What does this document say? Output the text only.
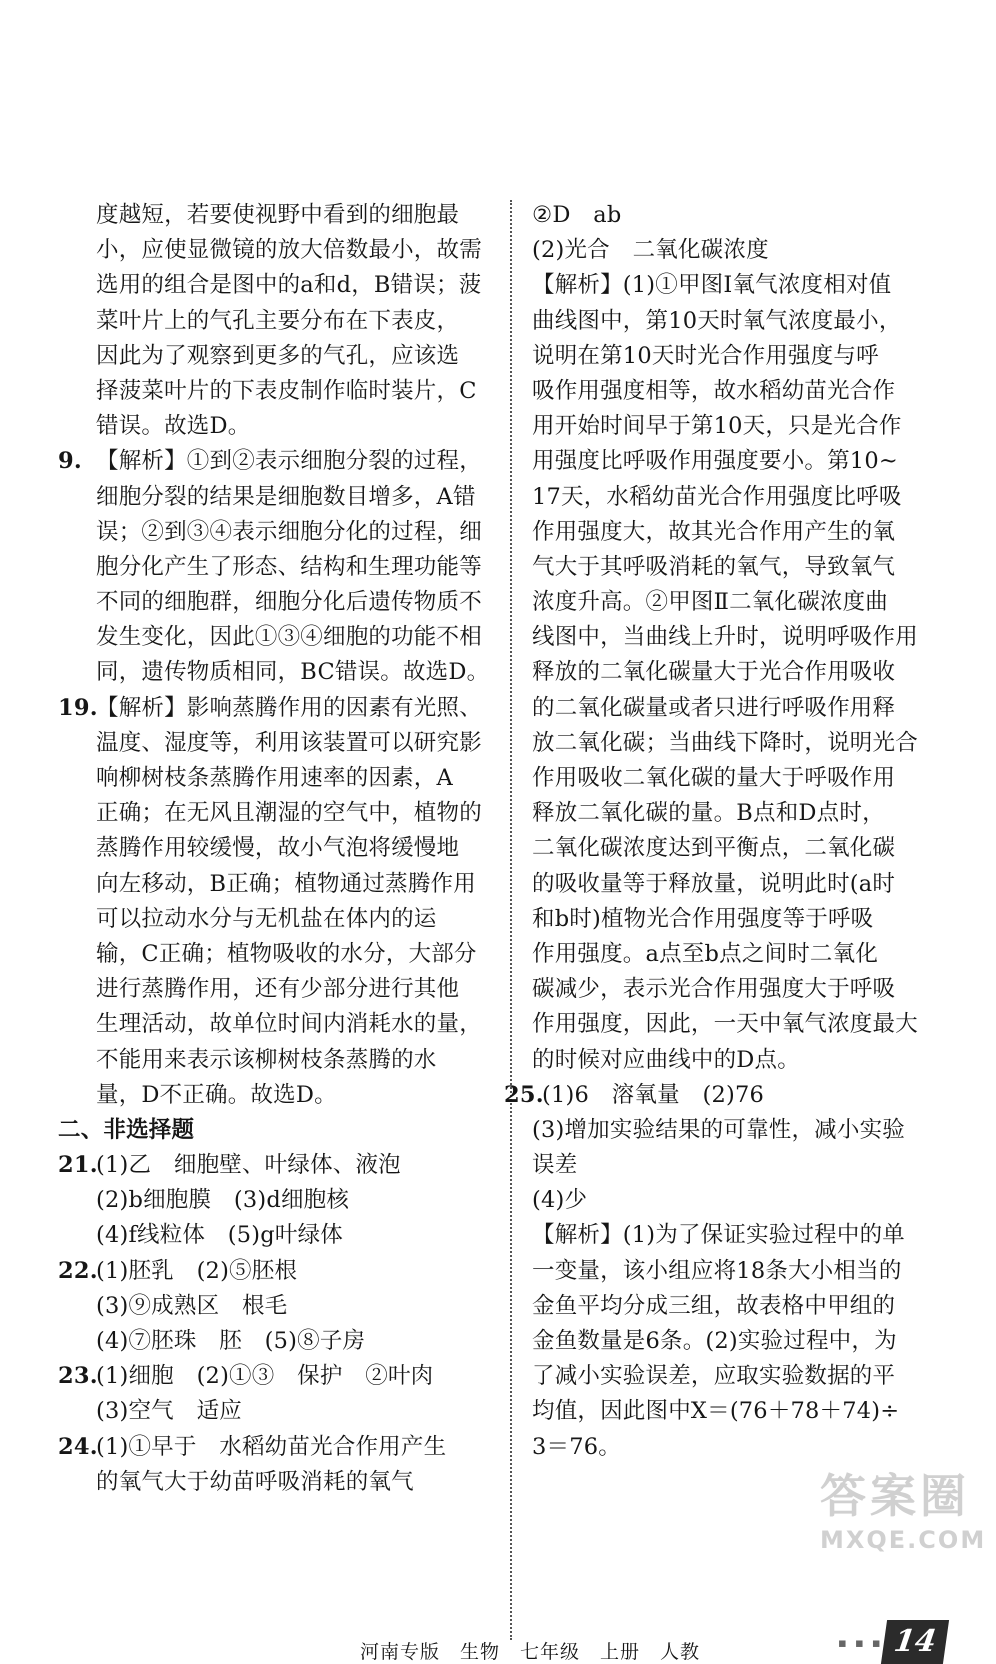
度越短，若要使视野中看到的细胞最
小，应使显微镜的放大倍数最小，故需
选用的组合是图中的a和d，B错误；菠
菜叶片上的气孔主要分布在下表皮，
因此为了观察到更多的气孔，应该选
择菠菜叶片的下表皮制作临时装片，C
错误。故选D。
9. 【解析】①到②表示细胞分裂的过程，
细胞分裂的结果是细胞数目增多，A错
误；②到③④表示细胞分化的过程，细
胞分化产生了形态、结构和生理功能等
不同的细胞群，细胞分化后遗传物质不
发生变化，因此①③④细胞的功能不相
同，遗传物质相同，BC错误。故选D。
19.【解析】影响蒸腾作用的因素有光照、
温度、湿度等，利用该装置可以研究影
响柳树枝条蒸腾作用速率的因素，A
正确；在无风且潮湿的空气中，植物的
蒸腾作用较缓慢，故小气泡将缓慢地
向左移动，B正确；植物通过蒸腾作用
可以拉动水分与无机盐在体内的运
输，C正确；植物吸收的水分，大部分
进行蒸腾作用，还有少部分进行其他
生理活动，故单位时间内消耗水的量，
不能用来表示该柳树枝条蒸腾的水
量，D不正确。故选D。
二、非选择题
21.(1)乙　细胞壁、叶绿体、液泡
(2)b细胞膜　(3)d细胞核
(4)f线粒体　(5)g叶绿体
22.(1)胚乳　(2)⑤胚根
(3)⑨成熟区　根毛
(4)⑦胚珠　胚　(5)⑧子房
23.(1)细胞　(2)①③　保护　②叶肉
(3)空气　适应
24.(1)①早于　水稻幼苗光合作用产生
的氧气大于幼苗呼吸消耗的氧气
②D　ab
(2)光合　二氧化碳浓度
【解析】(1)①甲图Ⅰ氧气浓度相对值
曲线图中，第10天时氧气浓度最小，
说明在第10天时光合作用强度与呼
吸作用强度相等，故水稻幼苗光合作
用开始时间早于第10天，只是光合作
用强度比呼吸作用强度要小。第10~
17天，水稻幼苗光合作用强度比呼吸
作用强度大，故其光合作用产生的氧
气大于其呼吸消耗的氧气，导致氧气
浓度升高。②甲图Ⅱ二氧化碳浓度曲
线图中，当曲线上升时，说明呼吸作用
释放的二氧化碳量大于光合作用吸收
的二氧化碳量或者只进行呼吸作用释
放二氧化碳；当曲线下降时，说明光合
作用吸收二氧化碳的量大于呼吸作用
释放二氧化碳的量。B点和D点时，
二氧化碳浓度达到平衡点，二氧化碳
的吸收量等于释放量，说明此时(a时
和b时)植物光合作用强度等于呼吸
作用强度。a点至b点之间时二氧化
碳减少，表示光合作用强度大于呼吸
作用强度，因此，一天中氧气浓度最大
的时候对应曲线中的D点。
25.(1)6　溶氧量　(2)76
(3)增加实验结果的可靠性，减小实验
误差
(4)少
【解析】(1)为了保证实验过程中的单
一变量，该小组应将18条大小相当的
金鱼平均分成三组，故表格中甲组的
金鱼数量是6条。(2)实验过程中，为
了减小实验误差，应取实验数据的平
均值，因此图中X＝(76＋78＋74)÷
3＝76。
河南专版　生物　七年级　上册　人教	▪ ▪ ▪ 14
答案圈
MXQE.COM
